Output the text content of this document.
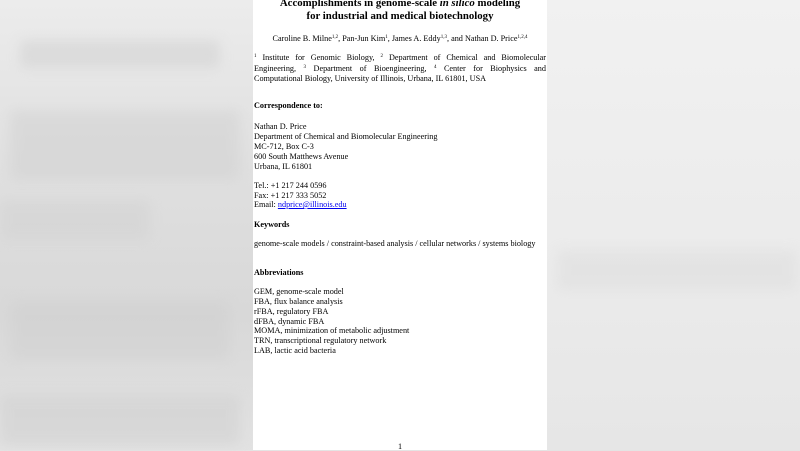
Accomplishments in genome-scale in silico modeling
for industrial and medical biotechnology
Caroline B. Milne$^{1,2}$, Pan-Jun Kim$^1$, James A. Eddy$^{1,3}$, and Nathan D. Price$^{1,2,4}$
$^1$ Institute for Genomic Biology, $^2$ Department of Chemical and Biomolecular
Engineering, $^3$ Department of Bioengineering, $^4$ Center for Biophysics and
Computational Biology, University of Illinois, Urbana, IL 61801, USA
Correspondence to:
Nathan D. Price
Department of Chemical and Biomolecular Engineering
MC-712, Box C-3
600 South Matthews Avenue
Urbana, IL 61801
Tel.: +1 217 244 0596
Fax: +1 217 333 5052
Email: ndprice@illinois.edu
Keywords
genome-scale models / constraint-based analysis / cellular networks / systems biology
Abbreviations
GEM, genome-scale model
FBA, flux balance analysis
rFBA, regulatory FBA
dFBA, dynamic FBA
MOMA, minimization of metabolic adjustment
TRN, transcriptional regulatory network
LAB, lactic acid bacteria
1
